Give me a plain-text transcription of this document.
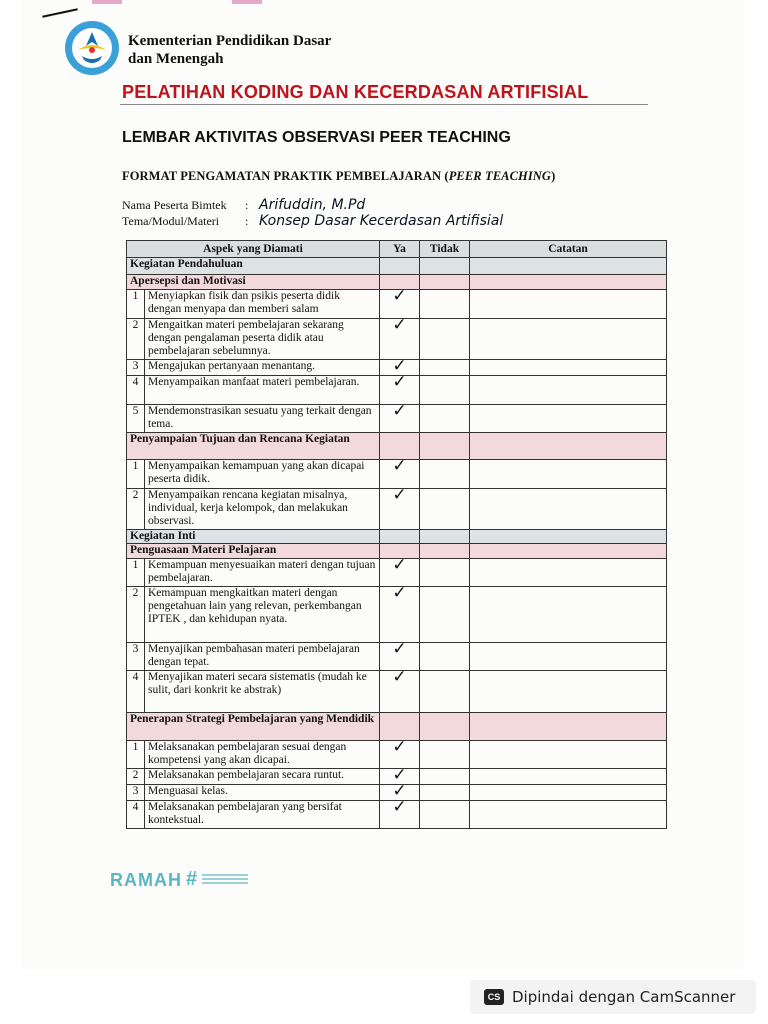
Kementerian Pendidikan Dasar
dan Menengah
PELATIHAN KODING DAN KECERDASAN ARTIFISIAL
LEMBAR AKTIVITAS OBSERVASI PEER TEACHING
FORMAT PENGAMATAN PRAKTIK PEMBELAJARAN (PEER TEACHING)
Nama Peserta Bimtek : Arifuddin, M.Pd
Tema/Modul/Materi : Konsep Dasar Kecerdasan Artifisial
Aspek yang Diamati		Ya	Tidak	Catatan
Kegiatan Pendahuluan				
Apersepsi dan Motivasi				
1	Menyiapkan fisik dan psikis peserta didik dengan menyapa dan memberi salam	✓		
2	Mengaitkan materi pembelajaran sekarang dengan pengalaman peserta didik atau pembelajaran sebelumnya.	✓		
3	Mengajukan pertanyaan menantang.	✓		
4	Menyampaikan manfaat materi pembelajaran.	✓		
5	Mendemonstrasikan sesuatu yang terkait dengan tema.	✓		
Penyampaian Tujuan dan Rencana Kegiatan				
1	Menyampaikan kemampuan yang akan dicapai peserta didik.	✓		
2	Menyampaikan rencana kegiatan misalnya, individual, kerja kelompok, dan melakukan observasi.	✓		
Kegiatan Inti				
Penguasaan Materi Pelajaran				
1	Kemampuan menyesuaikan materi dengan tujuan pembelajaran.	✓		
2	Kemampuan mengkaitkan materi dengan pengetahuan lain yang relevan, perkembangan IPTEK , dan kehidupan nyata.	✓		
3	Menyajikan pembahasan materi pembelajaran dengan tepat.	✓		
4	Menyajikan materi secara sistematis (mudah ke sulit, dari konkrit ke abstrak)	✓		
Penerapan Strategi Pembelajaran yang Mendidik				
1	Melaksanakan pembelajaran sesuai dengan kompetensi yang akan dicapai.	✓		
2	Melaksanakan pembelajaran secara runtut.	✓		
3	Menguasai kelas.	✓		
4	Melaksanakan pembelajaran yang bersifat kontekstual.	✓		
RAMAH #
CS Dipindai dengan CamScanner
